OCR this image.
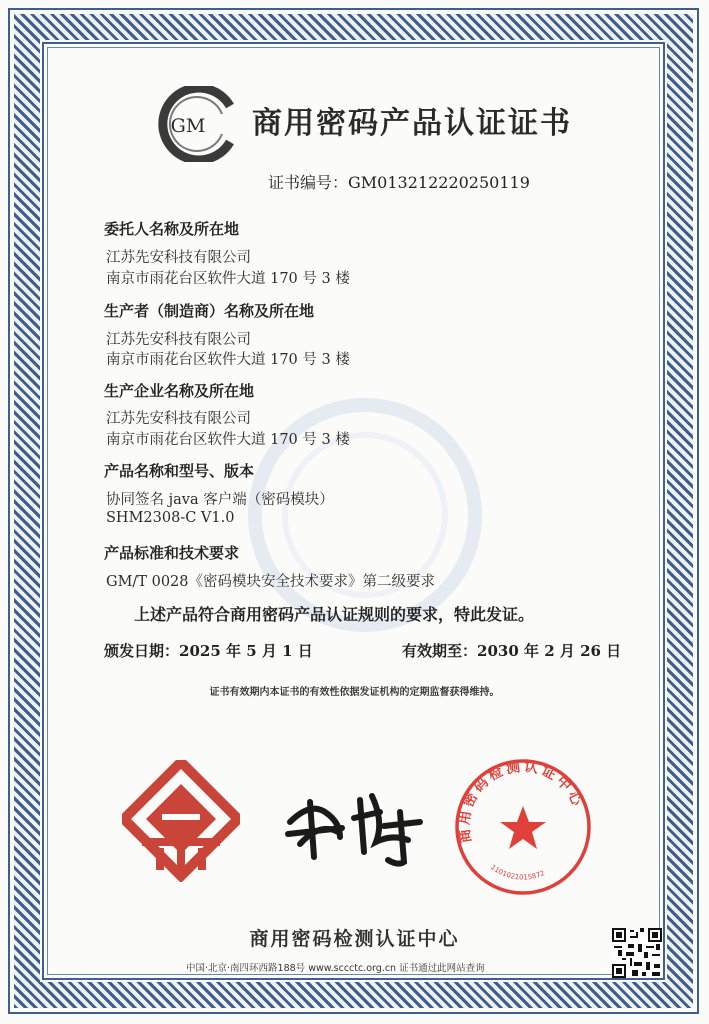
GM 商用密码产品认证证书
证书编号：GM013212220250119
委托人名称及所在地
江苏先安科技有限公司
南京市雨花台区软件大道 170 号 3 楼
生产者（制造商）名称及所在地
江苏先安科技有限公司
南京市雨花台区软件大道 170 号 3 楼
生产企业名称及所在地
江苏先安科技有限公司
南京市雨花台区软件大道 170 号 3 楼
产品名称和型号、版本
协同签名 java 客户端（密码模块）
SHM2308-C V1.0
产品标准和技术要求
GM/T 0028《密码模块安全技术要求》第二级要求
上述产品符合商用密码产品认证规则的要求，特此发证。
颁发日期：2025 年 5 月 1 日	有效期至：2030 年 2 月 26 日
证书有效期内本证书的有效性依据发证机构的定期监督获得维持。
商用密码检测认证中心
1101021015872
商用密码检测认证中心
中国·北京·南四环西路188号 www.sccctc.org.cn 证书通过此网站查询
